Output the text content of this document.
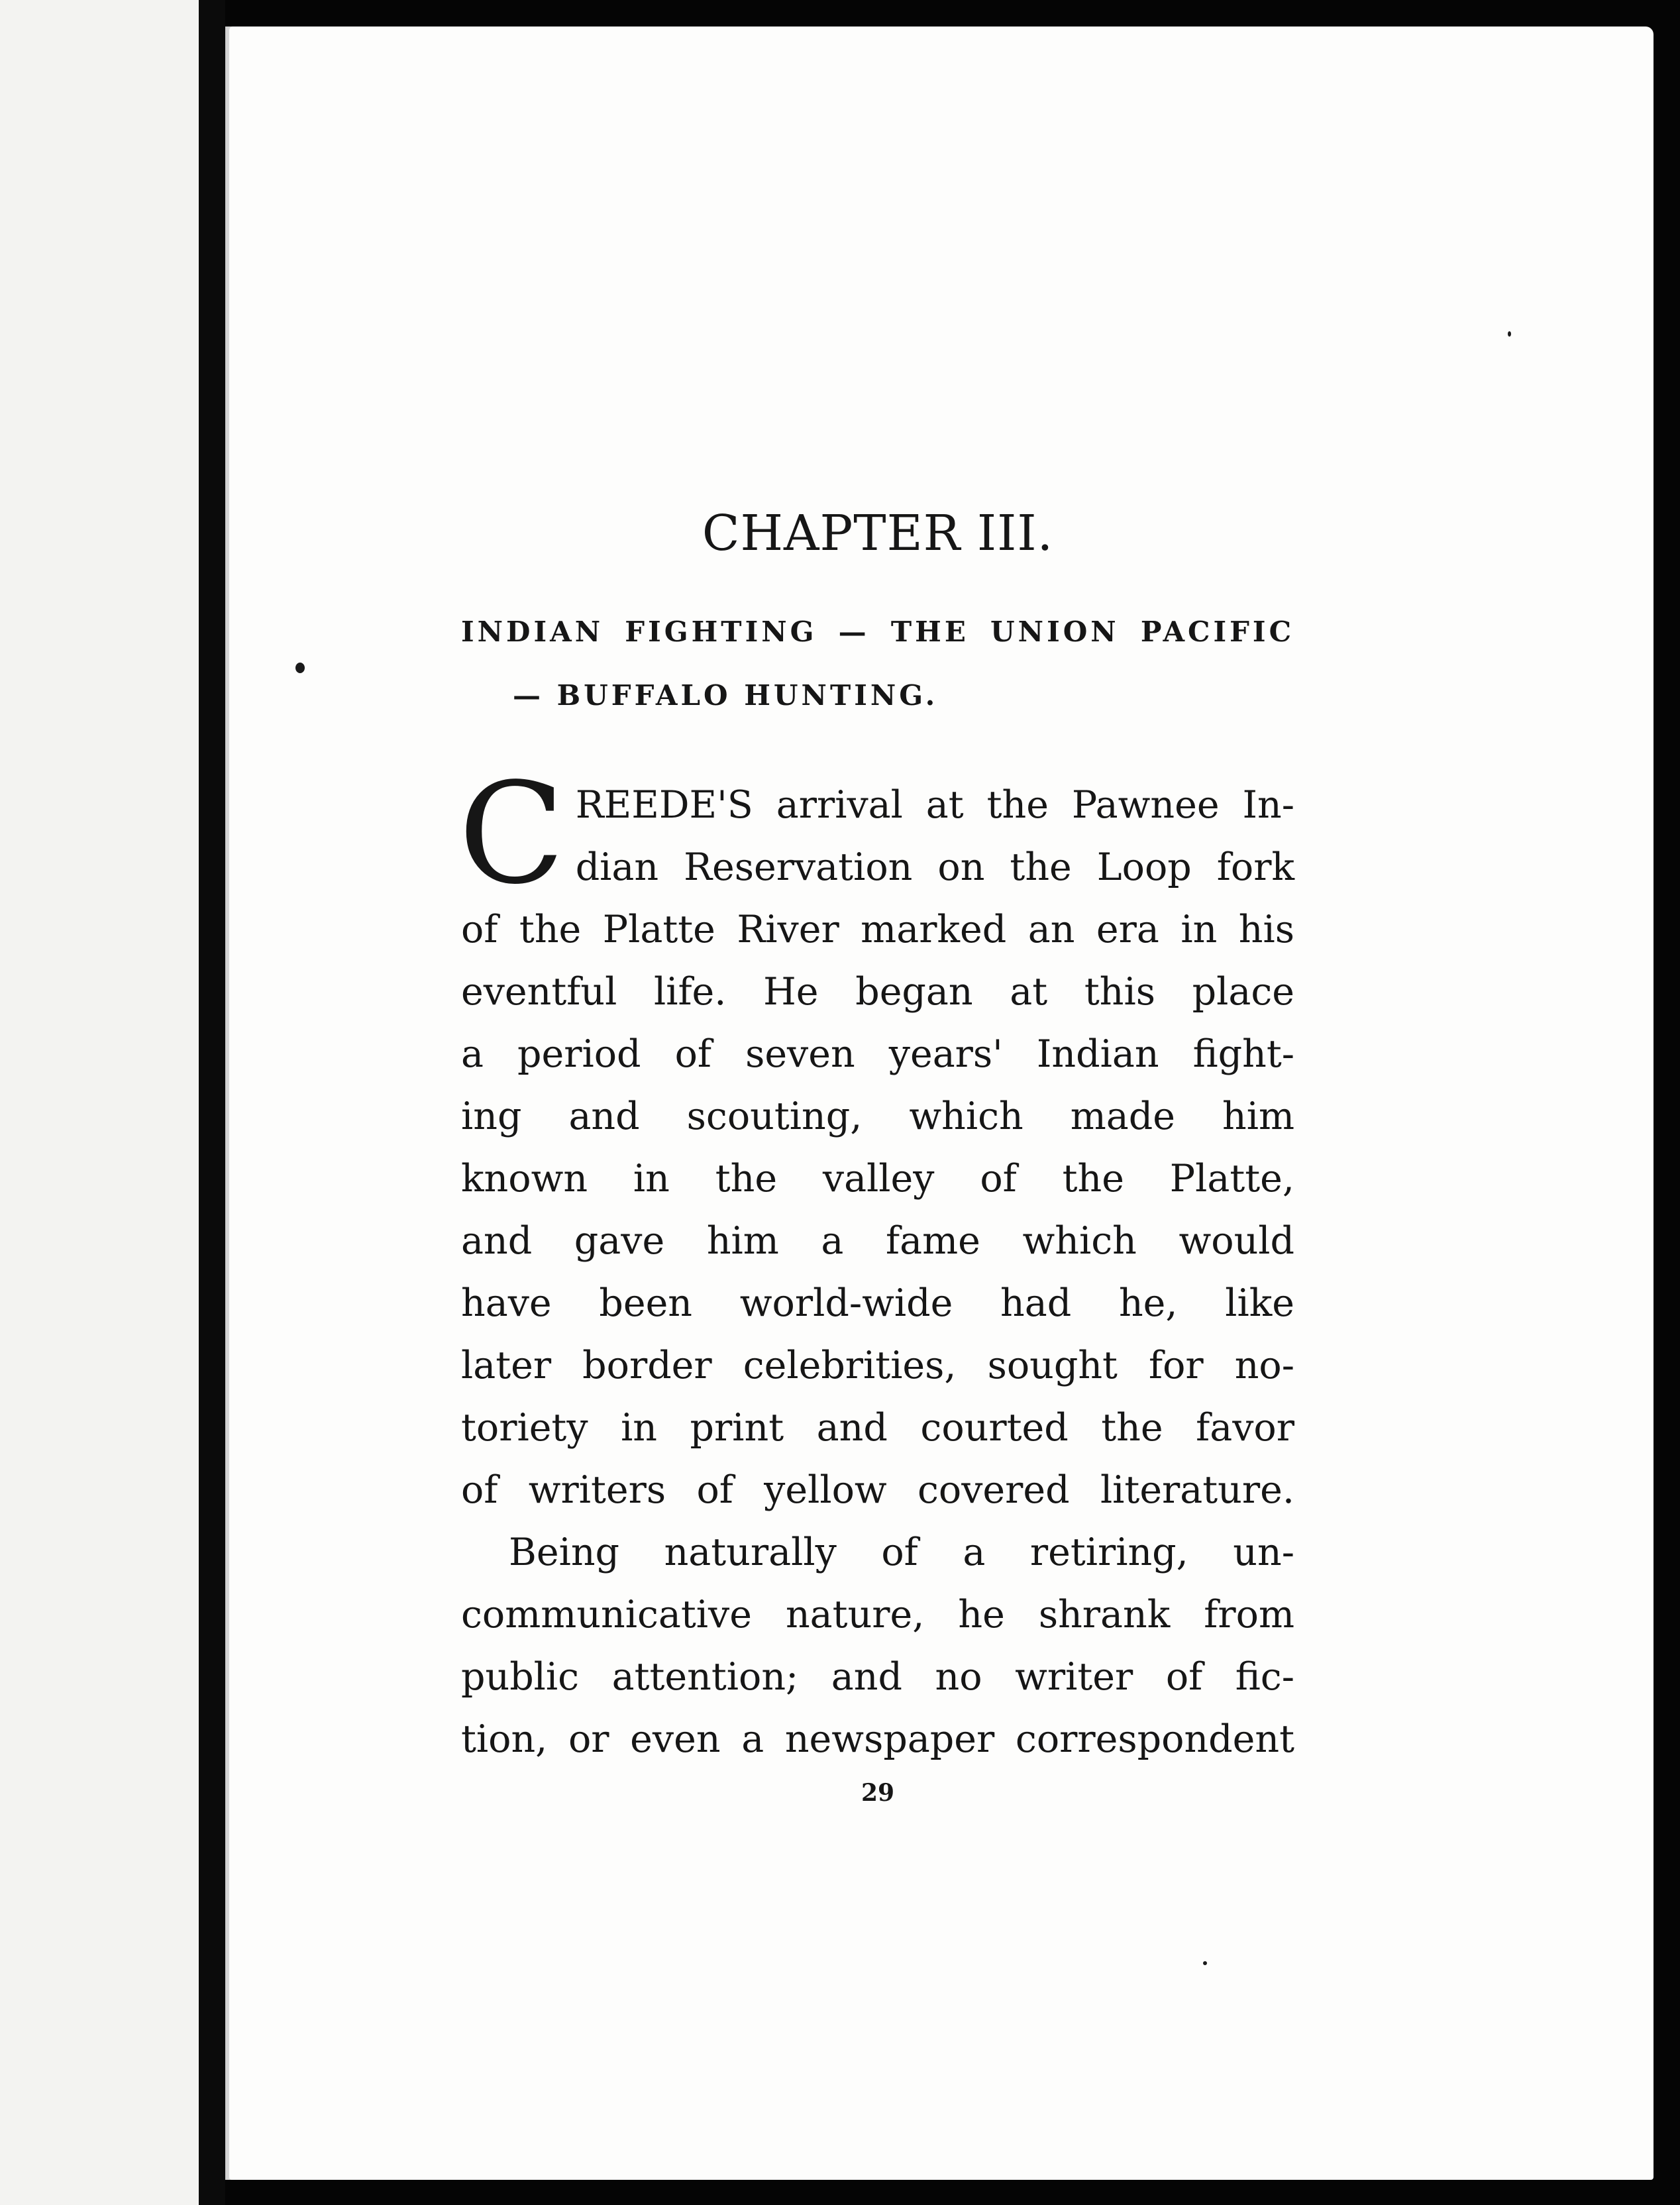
CHAPTER III.
INDIAN FIGHTING — THE UNION PACIFIC
— BUFFALO HUNTING.
C REEDE'S arrival at the Pawnee In-
dian Reservation on the Loop fork
of the Platte River marked an era in his
eventful life. He began at this place
a period of seven years' Indian fight-
ing and scouting, which made him
known in the valley of the Platte,
and gave him a fame which would
have been world-wide had he, like
later border celebrities, sought for no-
toriety in print and courted the favor
of writers of yellow covered literature.
Being naturally of a retiring, un-
communicative nature, he shrank from
public attention; and no writer of fic-
tion, or even a newspaper correspondent
29
